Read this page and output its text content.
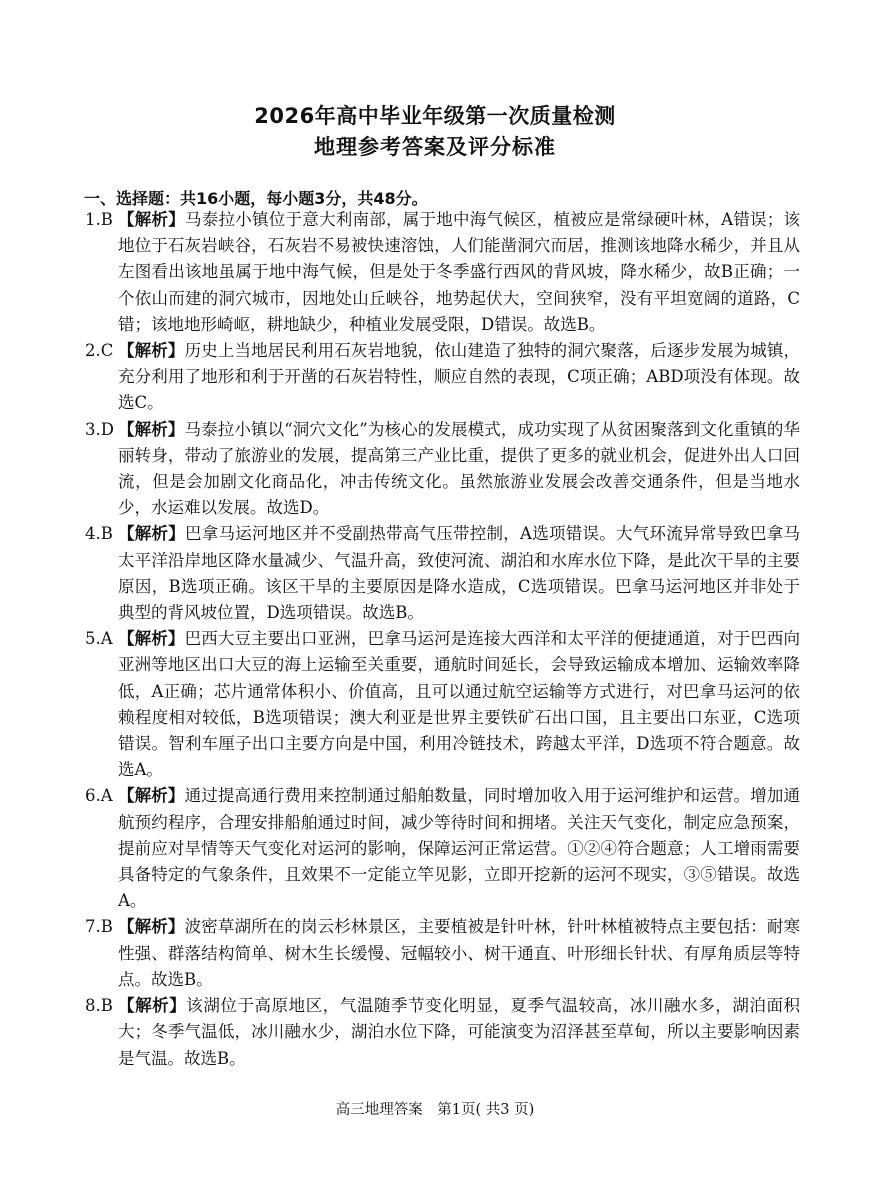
2026年高中毕业年级第一次质量检测
地理参考答案及评分标准
一、选择题：共16小题，每小题3分，共48分。
1.B 【解析】马泰拉小镇位于意大利南部，属于地中海气候区，植被应是常绿硬叶林，A错误；该地位于石灰岩峡谷，石灰岩不易被快速溶蚀，人们能凿洞穴而居，推测该地降水稀少，并且从左图看出该地虽属于地中海气候，但是处于冬季盛行西风的背风坡，降水稀少，故B正确；一个依山而建的洞穴城市，因地处山丘峡谷，地势起伏大，空间狭窄，没有平坦宽阔的道路，C错；该地地形崎岖，耕地缺少，种植业发展受限，D错误。故选B。
2.C 【解析】历史上当地居民利用石灰岩地貌，依山建造了独特的洞穴聚落，后逐步发展为城镇，充分利用了地形和利于开凿的石灰岩特性，顺应自然的表现，C项正确；ABD项没有体现。故选C。
3.D 【解析】马泰拉小镇以“洞穴文化”为核心的发展模式，成功实现了从贫困聚落到文化重镇的华丽转身，带动了旅游业的发展，提高第三产业比重，提供了更多的就业机会，促进外出人口回流，但是会加剧文化商品化，冲击传统文化。虽然旅游业发展会改善交通条件，但是当地水少，水运难以发展。故选D。
4.B 【解析】巴拿马运河地区并不受副热带高气压带控制，A选项错误。大气环流异常导致巴拿马太平洋沿岸地区降水量减少、气温升高，致使河流、湖泊和水库水位下降，是此次干旱的主要原因，B选项正确。该区干旱的主要原因是降水造成，C选项错误。巴拿马运河地区并非处于典型的背风坡位置，D选项错误。故选B。
5.A 【解析】巴西大豆主要出口亚洲，巴拿马运河是连接大西洋和太平洋的便捷通道，对于巴西向亚洲等地区出口大豆的海上运输至关重要，通航时间延长，会导致运输成本增加、运输效率降低，A正确；芯片通常体积小、价值高，且可以通过航空运输等方式进行，对巴拿马运河的依赖程度相对较低，B选项错误；澳大利亚是世界主要铁矿石出口国，且主要出口东亚，C选项错误。智利车厘子出口主要方向是中国，利用冷链技术，跨越太平洋，D选项不符合题意。故选A。
6.A 【解析】通过提高通行费用来控制通过船舶数量，同时增加收入用于运河维护和运营。增加通航预约程序，合理安排船舶通过时间，减少等待时间和拥堵。关注天气变化，制定应急预案，提前应对旱情等天气变化对运河的影响，保障运河正常运营。①②④符合题意；人工增雨需要具备特定的气象条件，且效果不一定能立竿见影，立即开挖新的运河不现实，③⑤错误。故选A。
7.B 【解析】波密草湖所在的岗云杉林景区，主要植被是针叶林，针叶林植被特点主要包括：耐寒性强、群落结构简单、树木生长缓慢、冠幅较小、树干通直、叶形细长针状、有厚角质层等特点。故选B。
8.B 【解析】该湖位于高原地区，气温随季节变化明显，夏季气温较高，冰川融水多，湖泊面积大；冬季气温低，冰川融水少，湖泊水位下降，可能演变为沼泽甚至草甸，所以主要影响因素是气温。故选B。
高三地理答案　第1页( 共3 页)
